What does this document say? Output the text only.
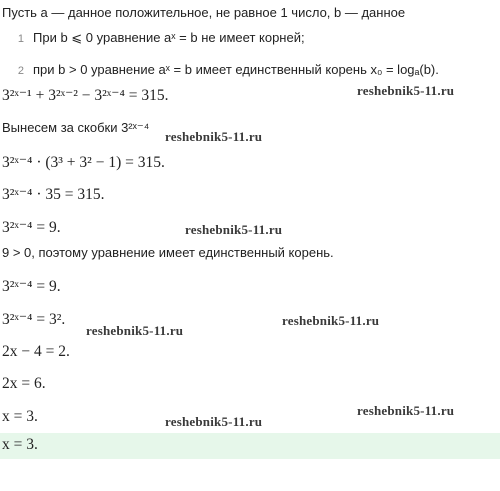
Пусть a — данное положительное, не равное 1 число, b — данное
1 При b ⩽ 0 уравнение aˣ = b не имеет корней;
2 при b > 0 уравнение aˣ = b имеет единственный корень x₀ = logₐ(b).
3²ˣ⁻¹ + 3²ˣ⁻² − 3²ˣ⁻⁴ = 315.
Вынесем за скобки 3²ˣ⁻⁴
3²ˣ⁻⁴ · (3³ + 3² − 1) = 315.
3²ˣ⁻⁴ · 35 = 315.
3²ˣ⁻⁴ = 9.
9 > 0, поэтому уравнение имеет единственный корень.
3²ˣ⁻⁴ = 9.
3²ˣ⁻⁴ = 3².
2x − 4 = 2.
2x = 6.
x = 3.
x = 3.
reshebnik5-11.ru
reshebnik5-11.ru
reshebnik5-11.ru
reshebnik5-11.ru
reshebnik5-11.ru
reshebnik5-11.ru
reshebnik5-11.ru
